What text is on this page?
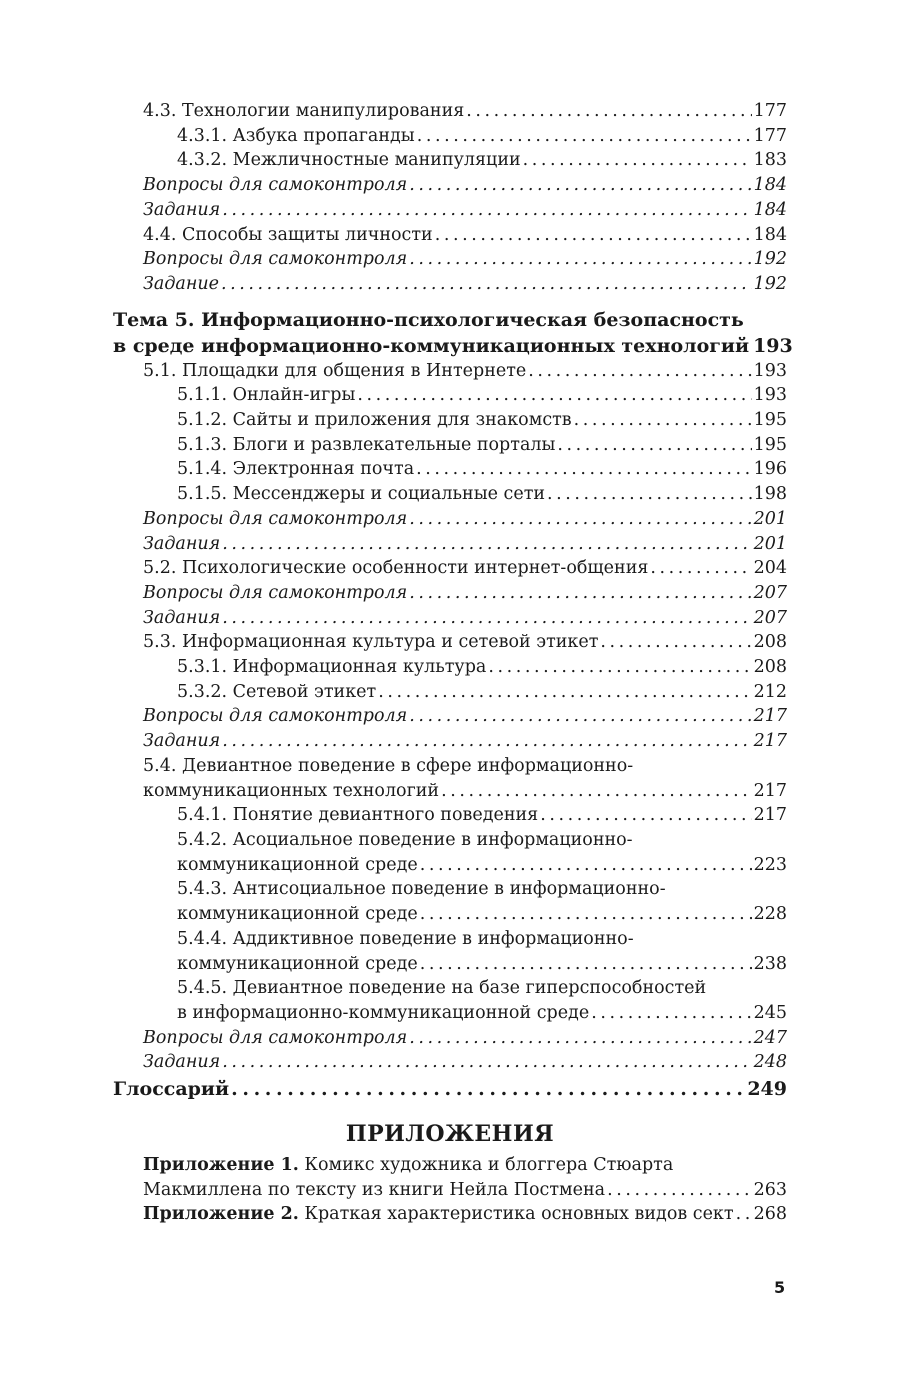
4.3. Технологии манипулирования . . .	177
4.3.1. Азбука пропаганды . . .	177
4.3.2. Межличностные манипуляции . . .	183
Вопросы для самоконтроля . . .	184
Задания . . .	184
4.4. Способы защиты личности . . .	184
Вопросы для самоконтроля . . .	192
Задание . . .	192
Тема 5. Информационно-психологическая безопасность
в среде информационно-коммуникационных технологий 193
5.1. Площадки для общения в Интернете . . .	193
5.1.1. Онлайн-игры . . .	193
5.1.2. Сайты и приложения для знакомств . . .	195
5.1.3. Блоги и развлекательные порталы . . .	195
5.1.4. Электронная почта . . .	196
5.1.5. Мессенджеры и социальные сети . . .	198
Вопросы для самоконтроля . . .	201
Задания . . .	201
5.2. Психологические особенности интернет-общения . . .	204
Вопросы для самоконтроля . . .	207
Задания . . .	207
5.3. Информационная культура и сетевой этикет . . .	208
5.3.1. Информационная культура . . .	208
5.3.2. Сетевой этикет . . .	212
Вопросы для самоконтроля . . .	217
Задания . . .	217
5.4. Девиантное поведение в сфере информационно-
коммуникационных технологий . . .	217
5.4.1. Понятие девиантного поведения . . .	217
5.4.2. Асоциальное поведение в информационно-
коммуникационной среде . . .	223
5.4.3. Антисоциальное поведение в информационно-
коммуникационной среде . . .	228
5.4.4. Аддиктивное поведение в информационно-
коммуникационной среде . . .	238
5.4.5. Девиантное поведение на базе гиперспособностей
в информационно-коммуникационной среде . . .	245
Вопросы для самоконтроля . . .	247
Задания . . .	248
Глоссарий . . .	249
ПРИЛОЖЕНИЯ
Приложение 1. Комикс художника и блоггера Стюарта
Макмиллена по тексту из книги Нейла Постмена . . .	263
Приложение 2. Краткая характеристика основных видов сект . . . 268
5
